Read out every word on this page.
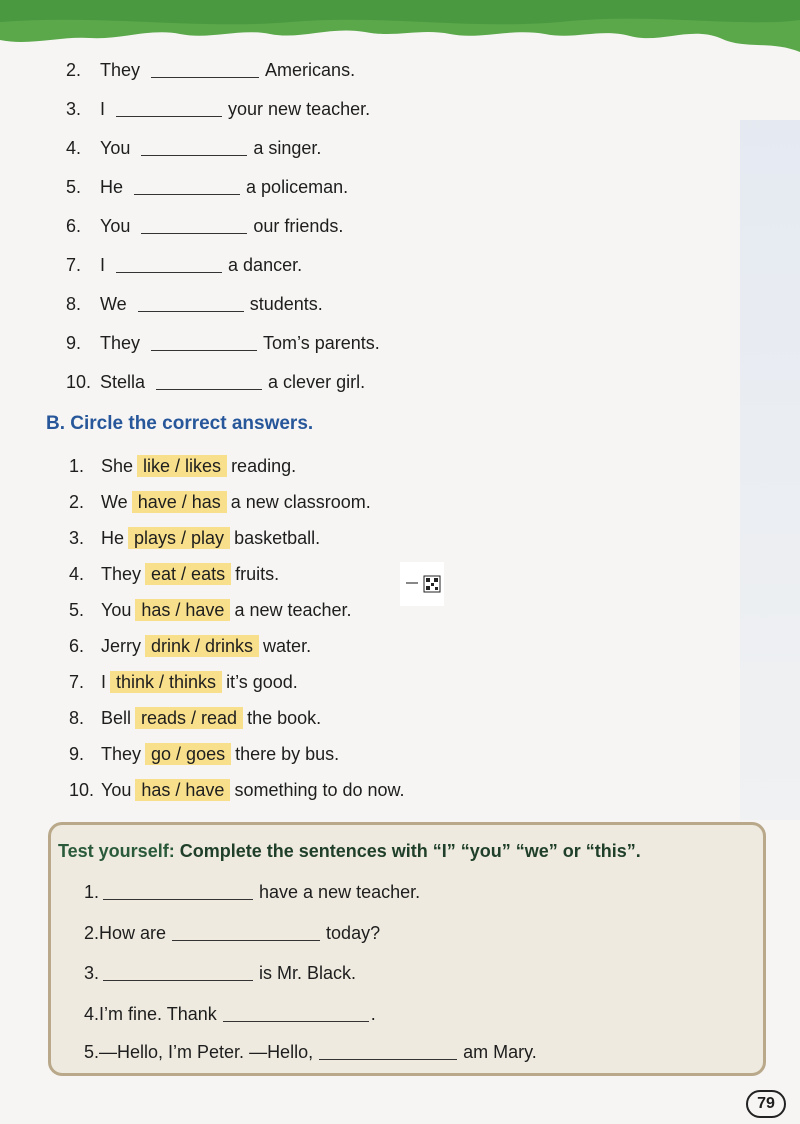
2. They	Americans.
3. I	your new teacher.
4. You	a singer.
5. He	a policeman.
6. You	our friends.
7. I	a dancer.
8. We	students.
9. They	Tom’s parents.
10. Stella	a clever girl.
B. Circle the correct answers.
1. She like / likes reading.
2. We have / has a new classroom.
3. He plays / play basketball.
4. They eat / eats fruits.
5. You has / have a new teacher.
6. Jerry drink / drinks water.
7. I think / thinks it’s good.
8. Bell reads / read the book.
9. They go / goes there by bus.
10. You has / have something to do now.
Test yourself: Complete the sentences with “I” “you” “we” or “this”.
1.	have a new teacher.
2.How are	today?
3.	is Mr. Black.
4.I’m fine. Thank	.
5.—Hello, I’m Peter. —Hello,	am Mary.
79
